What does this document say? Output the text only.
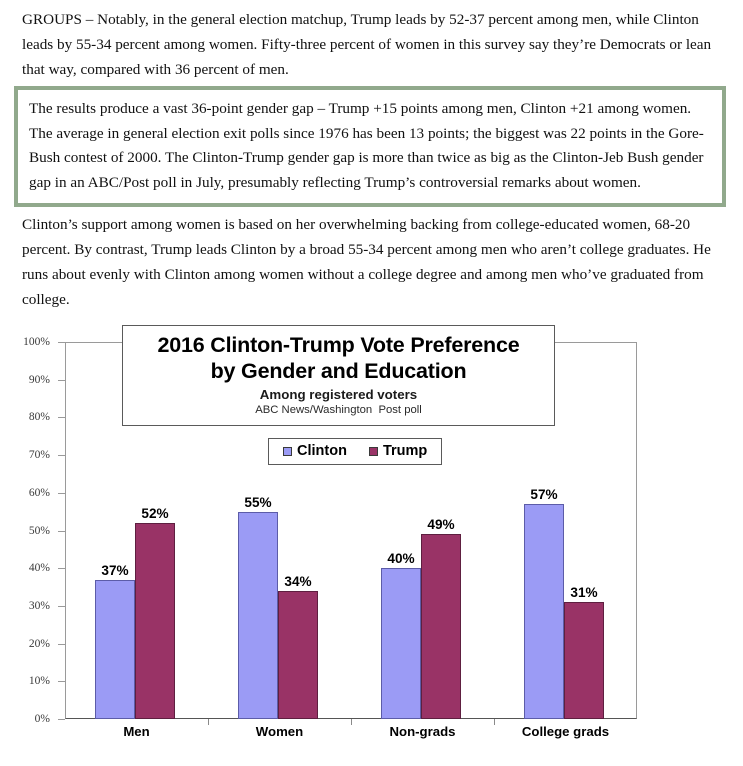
GROUPS – Notably, in the general election matchup, Trump leads by 52-37 percent among men, while Clinton leads by 55-34 percent among women. Fifty-three percent of women in this survey say they’re Democrats or lean that way, compared with 36 percent of men.
The results produce a vast 36-point gender gap – Trump +15 points among men, Clinton +21 among women. The average in general election exit polls since 1976 has been 13 points; the biggest was 22 points in the Gore-Bush contest of 2000. The Clinton-Trump gender gap is more than twice as big as the Clinton-Jeb Bush gender gap in an ABC/Post poll in July, presumably reflecting Trump’s controversial remarks about women.
Clinton’s support among women is based on her overwhelming backing from college-educated women, 68-20 percent. By contrast, Trump leads Clinton by a broad 55-34 percent among men who aren’t college graduates. He runs about evenly with Clinton among women without a college degree and among men who’ve graduated from college.
0%
10%
20%
30%
40%
50%
60%
70%
80%
90%
100%
37%
52%
55%
34%
40%
49%
57%
31%
Men	Women	Non-grads	College grads
2016 Clinton-Trump Vote Preference
by Gender and Education
Among registered voters
ABC News/Washington  Post poll
Clinton Trump
